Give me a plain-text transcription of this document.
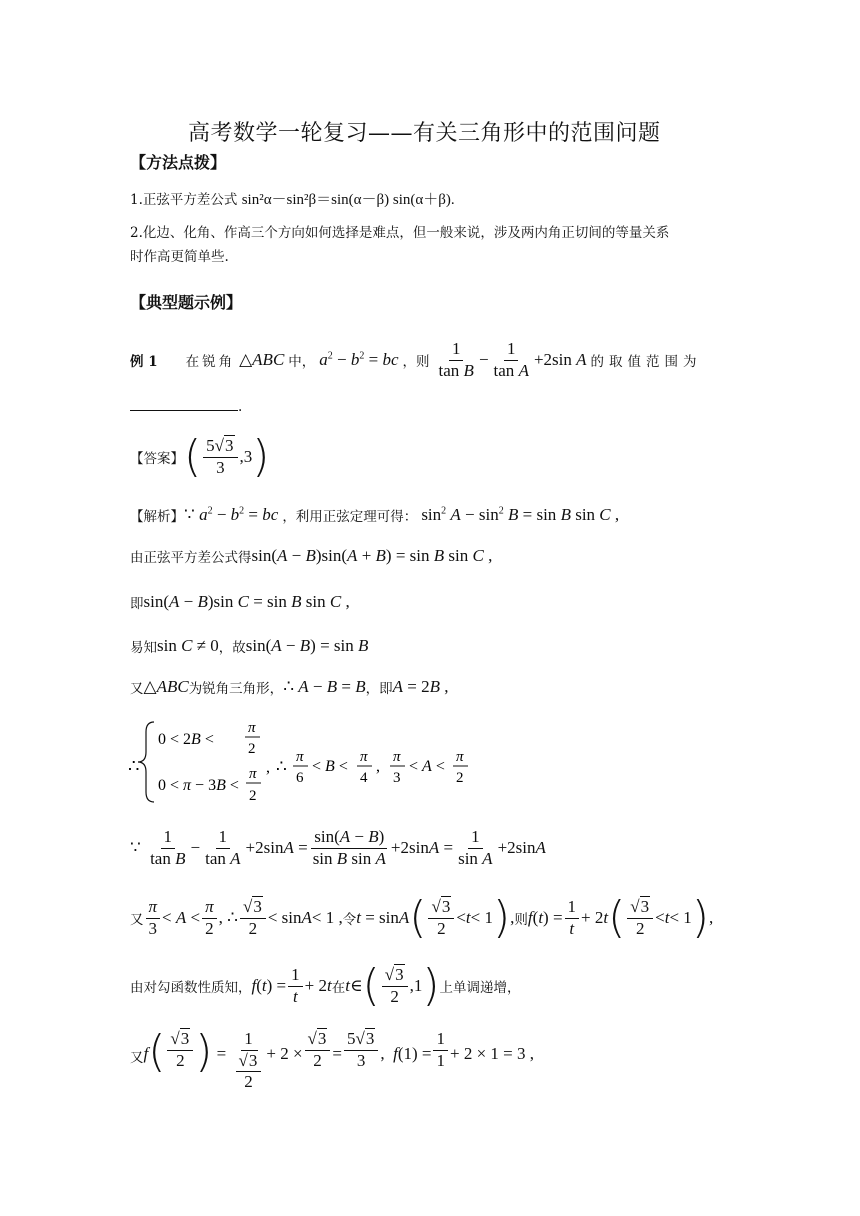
高考数学一轮复习——有关三角形中的范围问题
【方法点拨】
1.正弦平方差公式 sin²α－sin²β＝sin(α－β) sin(α＋β).
2.化边、化角、作高三个方向如何选择是难点，但一般来说，涉及两内角正切间的等量关系
时作高更简单些.
【典型题示例】
例 1 在锐角 △ABC 中， $a^2 - b^2$ = bc ，则 $\frac{1}{\text{tan B}} - \frac{1}{\text{tan A}} +2\sin$ A 的取值范围为
.
【答案】 ( $\frac{5√3}{3} ,3$ )
【解析】 ∵ $a^2 - b^2$ = bc ，利用正弦定理可得： $\sin^2 A - \sin^2 B = \sin B$ sin C ,
由正弦平方差公式得 sin(A − B)sin(A + B) = sin B sin C ,
即 sin(A − B)sin C = sin B sin C ,
易知 sin C ≠ 0 ，故 sin(A − B) = sin B
又 △ABC 为锐角三角形， ∴ A − B = B ，即 A = 2B ,
∴
0 < 2B <
π
2
0 < π − 3B <
π
2
, ∴ π
6
< B <
π
4
,
π
3
< A <
π
2
∵ $\frac{1}{\text{tan B}} - \frac{1}{\text{tan A}} +2\sin$ $A = \frac{\sin(A - B)}{\text{sin B sin A}} +2\sin$ $A = \frac{1}{\text{sin A}} +2\sin$ A
又 $\frac{\pi}{3} < A < \frac{\pi}{2}$ , ∴ $\frac{√3}{2} < \sin A < 1$ , 令 t = sin A ( $\frac{√3}{2} < t < 1$ ) , 则 f ( t ) = $\frac{1}{t} + 2$ t ( $\frac{√3}{2} < t < 1$ ) ,
由对勾函数性质知， f ( t ) = $\frac{1}{t} + 2$ t 在 t ∈ ( $\frac{√3}{2} ,1$ ) 上单调递增，
又 f ( $\frac{√3}{2}$ ) = $\frac{1}{\frac{√3}{2}} + 2 \times \frac{√3}{2} = \frac{5√3}{3}$ ,  $f(1) = \frac{1}{1} + 2 \times 1 = 3$ ,
